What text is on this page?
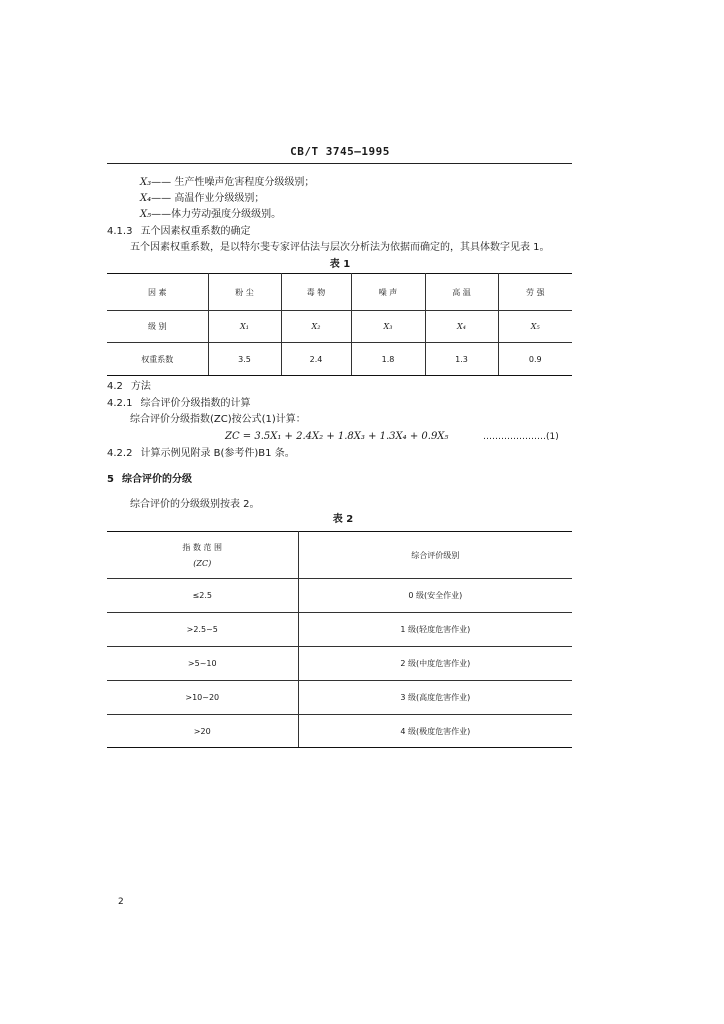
CB/T 3745—1995
X₃—— 生产性噪声危害程度分级级别；
X₄—— 高温作业分级级别；
X₅——体力劳动强度分级级别。
4.1.3 五个因素权重系数的确定
五个因素权重系数，是以特尔斐专家评估法与层次分析法为依据而确定的，其具体数字见表 1。
表 1
因 素	粉 尘	毒 物	噪 声	高 温	劳 强
级 别	X₁	X₂	X₃	X₄	X₅
权重系数	3.5	2.4	1.8	1.3	0.9
4.2 方法
4.2.1 综合评价分级指数的计算
综合评价分级指数(ZC)按公式(1)计算：
ZC = 3.5X₁ + 2.4X₂ + 1.8X₃ + 1.3X₄ + 0.9X₅	…………………(1)
4.2.2 计算示例见附录 B(参考件)B1 条。
5 综合评价的分级
综合评价的分级级别按表 2。
表 2
指 数 范 围
(ZC)	综合评价级别
≤2.5	0 级(安全作业)
>2.5~5	1 级(轻度危害作业)
>5~10	2 级(中度危害作业)
>10~20	3 级(高度危害作业)
>20	4 级(极度危害作业)
2
